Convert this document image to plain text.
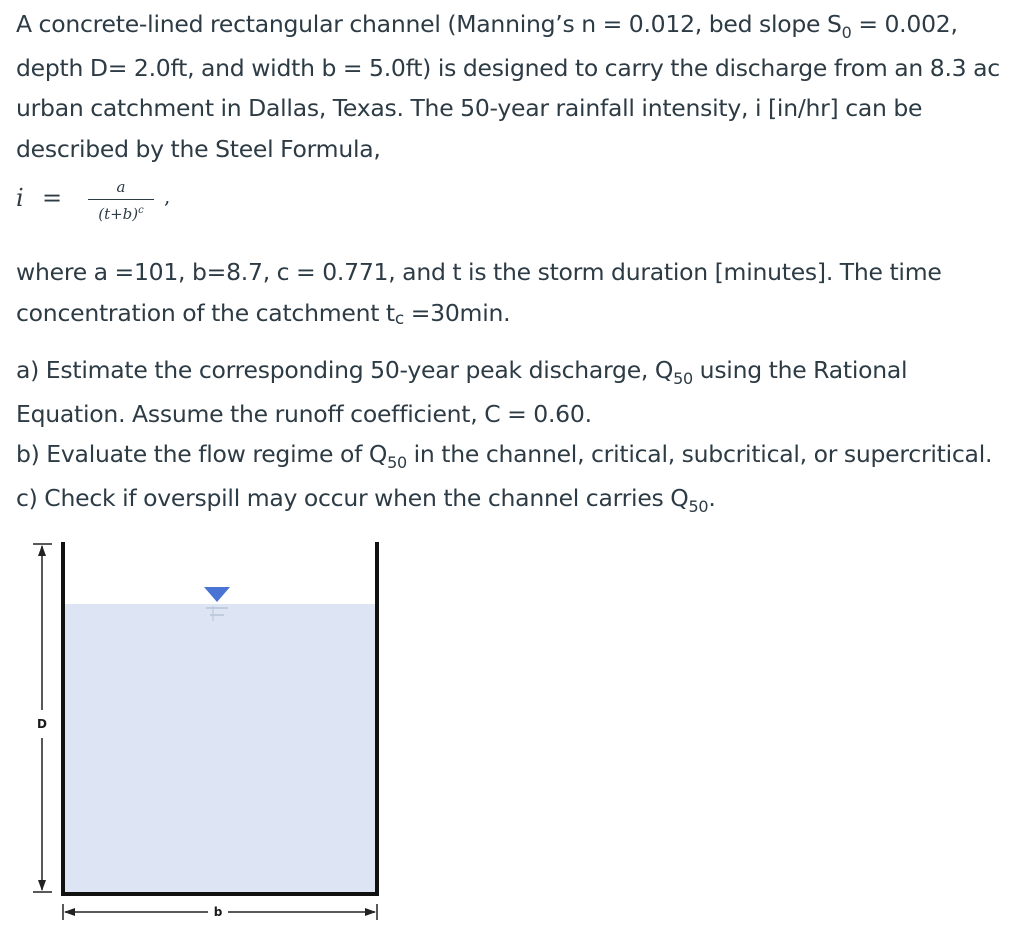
A concrete-lined rectangular channel (Manning’s n = 0.012, bed slope $S_0 = 0.002$,
depth D= 2.0ft, and width b = 5.0ft) is designed to carry the discharge from an 8.3 ac
urban catchment in Dallas, Texas. The 50-year rainfall intensity, i [in/hr] can be
described by the Steel Formula,
i =	a
$(t+b)^c$
,
where a =101, b=8.7, c = 0.771, and t is the storm duration [minutes]. The time
concentration of the catchment tc =30min.
a) Estimate the corresponding 50-year peak discharge, $Q_{50}$ using the Rational
Equation. Assume the runoff coefficient, C = 0.60.
b) Evaluate the flow regime of $Q_{50}$ in the channel, critical, subcritical, or supercritical.
c) Check if overspill may occur when the channel carries $Q_{50}$.
D
b
